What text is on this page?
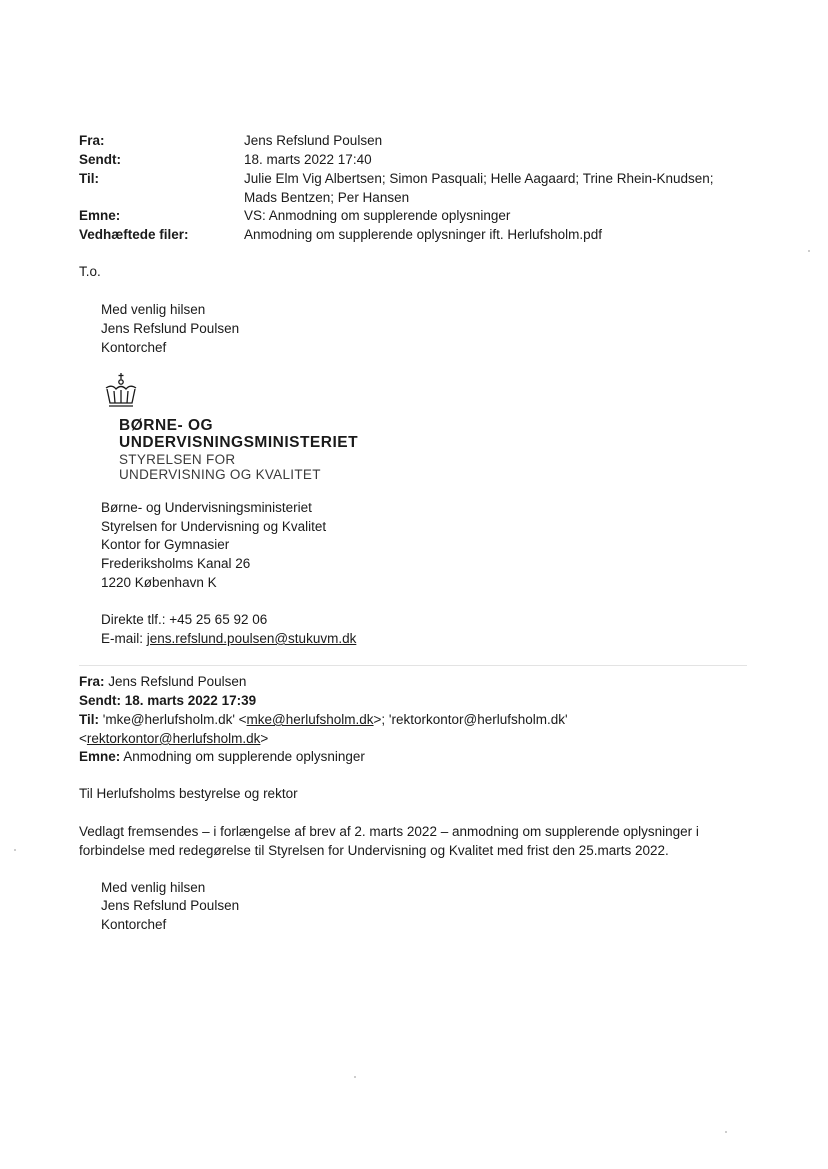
Fra:	Jens Refslund Poulsen
Sendt:	18. marts 2022 17:40
Til:	Julie Elm Vig Albertsen; Simon Pasquali; Helle Aagaard; Trine Rhein-Knudsen;
Mads Bentzen; Per Hansen
Emne:	VS: Anmodning om supplerende oplysninger
Vedhæftede filer:	Anmodning om supplerende oplysninger ift. Herlufsholm.pdf
T.o.
Med venlig hilsen
Jens Refslund Poulsen
Kontorchef
BØRNE- OG
UNDERVISNINGSMINISTERIET
STYRELSEN FOR
UNDERVISNING OG KVALITET
Børne- og Undervisningsministeriet
Styrelsen for Undervisning og Kvalitet
Kontor for Gymnasier
Frederiksholms Kanal 26
1220 København K
Direkte tlf.: +45 25 65 92 06
E-mail: jens.refslund.poulsen@stukuvm.dk
Fra: Jens Refslund Poulsen
Sendt: 18. marts 2022 17:39
Til: 'mke@herlufsholm.dk' <mke@herlufsholm.dk>; 'rektorkontor@herlufsholm.dk'
<rektorkontor@herlufsholm.dk>
Emne: Anmodning om supplerende oplysninger
Til Herlufsholms bestyrelse og rektor
Vedlagt fremsendes – i forlængelse af brev af 2. marts 2022 – anmodning om supplerende oplysninger i
forbindelse med redegørelse til Styrelsen for Undervisning og Kvalitet med frist den 25.marts 2022.
Med venlig hilsen
Jens Refslund Poulsen
Kontorchef
